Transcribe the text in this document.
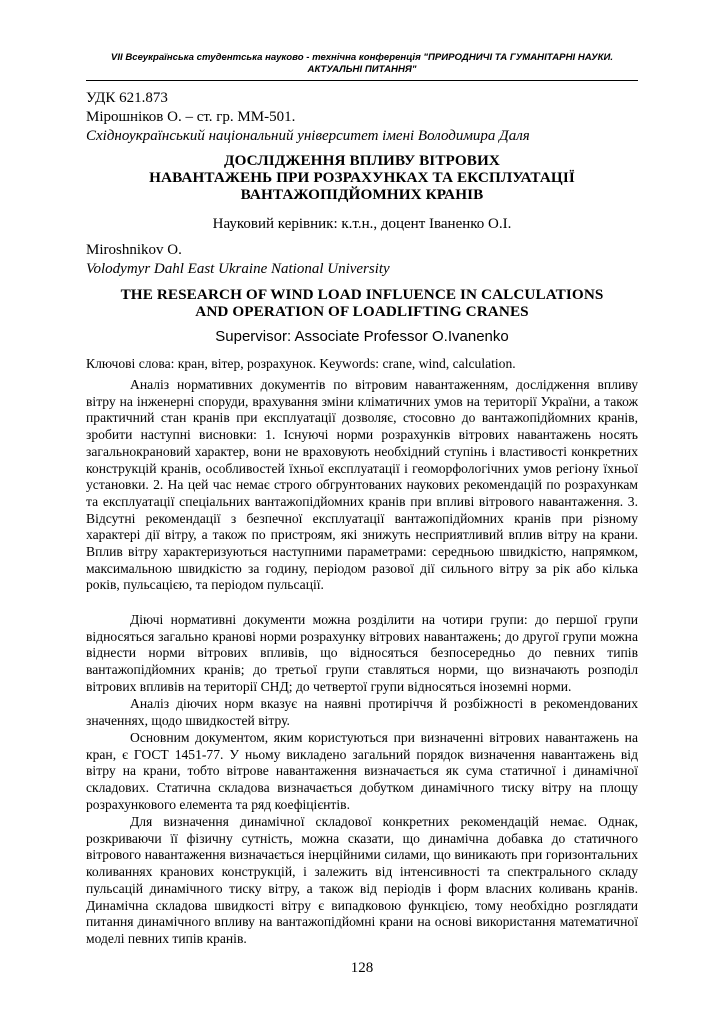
VII Всеукраїнська студентська науково - технічна конференція "ПРИРОДНИЧІ ТА ГУМАНІТАРНІ НАУКИ.
АКТУАЛЬНІ ПИТАННЯ"
УДК 621.873
Мірошніков О. – ст. гр. ММ-501.
Східноукраїнський національний університет імені Володимира Даля
ДОСЛІДЖЕННЯ ВПЛИВУ ВІТРОВИХ
НАВАНТАЖЕНЬ ПРИ РОЗРАХУНКАХ ТА ЕКСПЛУАТАЦІЇ
ВАНТАЖОПІДЙОМНИХ КРАНІВ
Науковий керівник: к.т.н., доцент Іваненко О.І.
Miroshnikov O.
Volodymyr Dahl East Ukraine National University
THE RESEARCH OF WIND LOAD INFLUENCE IN CALCULATIONS
AND OPERATION OF LOADLIFTING CRANES
Supervisor: Associate Professor O.Ivanenko
Ключові слова: кран, вітер, розрахунок. Keywords: crane, wind, calculation.

Аналіз нормативних документів по вітровим навантаженням, дослідження впливу вітру на інженерні споруди, врахування зміни кліматичних умов на території України, а також практичний стан кранів при експлуатації дозволяє, стосовно до вантажопідйомних кранів, зробити наступні висновки: 1. Існуючі норми розрахунків вітрових навантажень носять загальнокрановий характер, вони не враховують необхідний ступінь і властивості конкретних конструкцій кранів, особливостей їхньої експлуатації і геоморфологічних умов регіону їхньої установки. 2. На цей час немає строго обгрунтованих наукових рекомендацій по розрахункам та експлуатації спеціальних вантажопідйомних кранів при впливі вітрового навантаження. 3. Відсутні рекомендації з безпечної експлуатації вантажопідйомних кранів при різному характері дії вітру, а також по пристроям, які знижуть несприятливий вплив вітру на крани. Вплив вітру характеризуються наступними параметрами: середньою швидкістю, напрямком, максимальною швидкістю за годину, періодом разової дії сильного вітру за рік або кілька років, пульсацією, та періодом пульсації.

Діючі нормативні документи можна розділити на чотири групи: до першої групи відносяться загально кранові норми розрахунку вітрових навантажень; до другої групи можна віднести норми вітрових впливів, що відносяться безпосередньо до певних типів вантажопідйомних кранів; до третьої групи ставляться норми, що визначають розподіл вітрових впливів на території СНД; до четвертої групи відносяться іноземні норми.

Аналіз діючих норм вказує на наявні протиріччя й розбіжності в рекомендованих значеннях, щодо швидкостей вітру.

Основним документом, яким користуються при визначенні вітрових навантажень на кран, є ГОСТ 1451-77. У ньому викладено загальний порядок визначення навантажень від вітру на крани, тобто вітрове навантаження визначається як сума статичної і динамічної складових. Статична складова визначається добутком динамічного тиску вітру на площу розрахункового елемента та ряд коефіцієнтів.

Для визначення динамічної складової конкретних рекомендацій немає. Однак, розкриваючи її фізичну сутність, можна сказати, що динамічна добавка до статичного вітрового навантаження визначається інерційними силами, що виникають при горизонтальних коливаннях кранових конструкцій, і залежить від інтенсивності та спектрального складу пульсацій динамічного тиску вітру, а також від періодів і форм власних коливань кранів. Динамічна складова швидкості вітру є випадковою функцією, тому необхідно розглядати питання динамічного впливу на вантажопідйомні крани на основі використання математичної моделі певних типів кранів.

128
